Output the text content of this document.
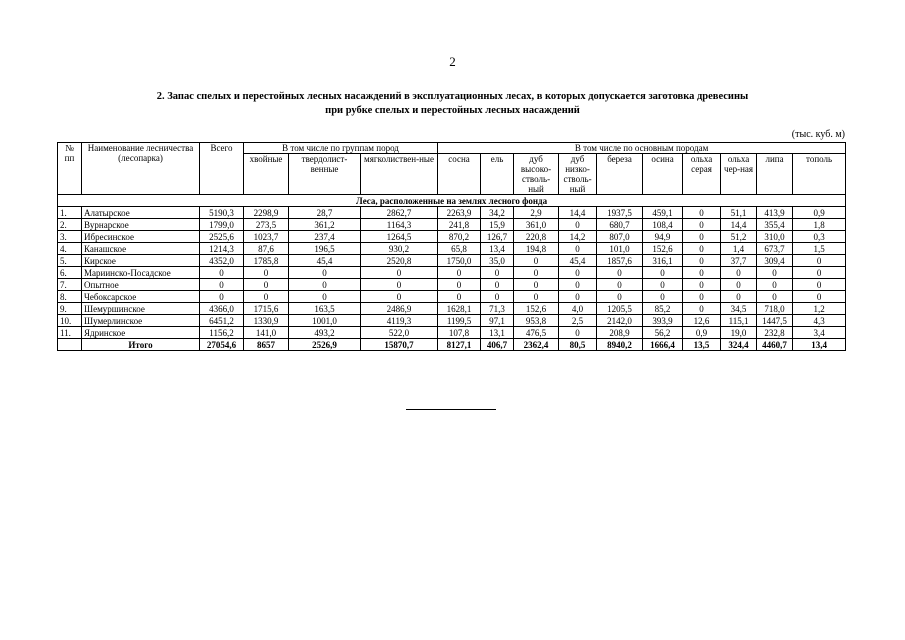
2
2. Запас спелых и перестойных лесных насаждений в эксплуатационных лесах, в которых допускается заготовка древесины
при рубке спелых и перестойных лесных насаждений
(тыс. куб. м)
№ пп	Наименование лесничества (лесопарка)	Всего	В том числе по группам пород			В том числе по основным породам									
			хвойные	твердолист-венные	мягколиствен-ные	сосна	ель	дуб высоко-стволь-ный	дуб низко-стволь-ный	береза	осина	ольха серая	ольха чер-ная	липа	тополь
Леса, расположенные на землях лесного фонда															
1.	Алатырское	5190,3	2298,9	28,7	2862,7	2263,9	34,2	2,9	14,4	1937,5	459,1	0	51,1	413,9	0,9
2.	Вурнарское	1799,0	273,5	361,2	1164,3	241,8	15,9	361,0	0	680,7	108,4	0	14,4	355,4	1,8
3.	Ибресинское	2525,6	1023,7	237,4	1264,5	870,2	126,7	220,8	14,2	807,0	94,9	0	51,2	310,0	0,3
4.	Канашское	1214,3	87,6	196,5	930,2	65,8	13,4	194,8	0	101,0	152,6	0	1,4	673,7	1,5
5.	Кирское	4352,0	1785,8	45,4	2520,8	1750,0	35,0	0	45,4	1857,6	316,1	0	37,7	309,4	0
6.	Мариинско-Посадское	0	0	0	0	0	0	0	0	0	0	0	0	0	0
7.	Опытное	0	0	0	0	0	0	0	0	0	0	0	0	0	0
8.	Чебоксарское	0	0	0	0	0	0	0	0	0	0	0	0	0	0
9.	Шемуршинское	4366,0	1715,6	163,5	2486,9	1628,1	71,3	152,6	4,0	1205,5	85,2	0	34,5	718,0	1,2
10.	Шумерлинское	6451,2	1330,9	1001,0	4119,3	1199,5	97,1	953,8	2,5	2142,0	393,9	12,6	115,1	1447,5	4,3
11.	Ядринское	1156,2	141,0	493,2	522,0	107,8	13,1	476,5	0	208,9	56,2	0,9	19,0	232,8	3,4
	Итого	27054,6	8657	2526,9	15870,7	8127,1	406,7	2362,4	80,5	8940,2	1666,4	13,5	324,4	4460,7	13,4
